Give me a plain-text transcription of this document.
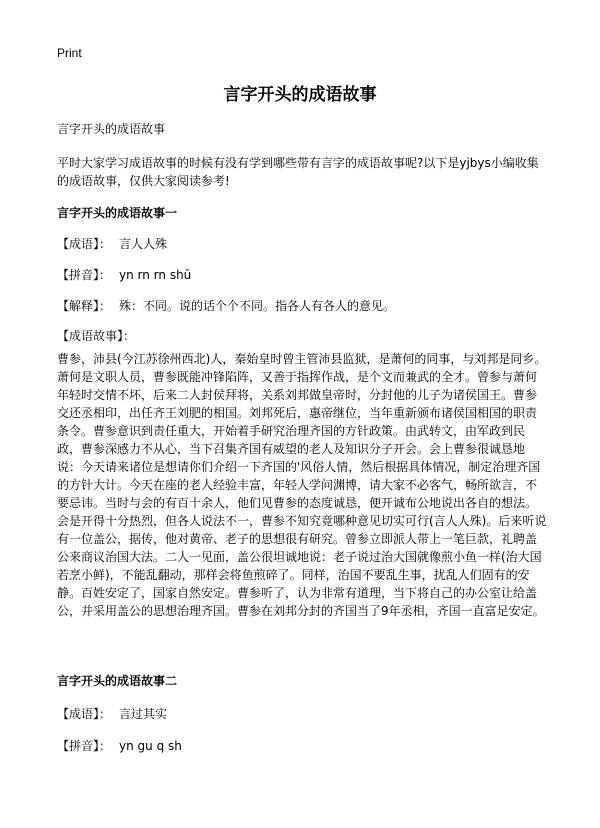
Print
言字开头的成语故事
言字开头的成语故事
平时大家学习成语故事的时候有没有学到哪些带有言字的成语故事呢?以下是yjbys小编收集的成语故事，仅供大家阅读参考!
言字开头的成语故事一
【成语】： 言人人殊
【拼音】： yn rn rn shū
【解释】： 殊：不同。说的话个个不同。指各人有各人的意见。
【成语故事】：
曹参，沛县(今江苏徐州西北)人，秦始皇时曾主管沛县监狱，是萧何的同事，与刘邦是同乡。萧何是文职人员，曹参既能冲锋陷阵，又善于指挥作战，是个文而兼武的全才。曾参与萧何年轻时交情不坏，后来二人封侯拜将，关系刘邦做皇帝时，分封他的儿子为诸侯国王。曹参交还丞相印，出任齐王刘肥的相国。刘邦死后，惠帝继位，当年重新颁布诸侯国相国的职责条令。曹参意识到责任重大，开始着手研究治理齐国的方针政策。由武转文，由军政到民政，曹参深感力不从心，当下召集齐国有威望的老人及知识分子开会。会上曹参很诚恳地说：今天请来诸位是想请你们介绍一下齐国的'风俗人情，然后根据具体情况，制定治理齐国的方针大计。今天在座的老人经验丰富，年轻人学问渊博，请大家不必客气，畅所欲言，不要忌讳。当时与会的有百十余人，他们见曹参的态度诚恳，便开诚布公地说出各自的想法。会是开得十分热烈，但各人说法不一，曹参不知究竟哪种意见切实可行(言人人殊)。后来听说有一位盖公，据传，他对黄帝、老子的思想很有研究。曾参立即派人带上一笔巨款，礼聘盖公来商议治国大法。二人一见面，盖公很坦诚地说：老子说过治大国就像煎小鱼一样(治大国若烹小鲜)，不能乱翻动，那样会将鱼煎碎了。同样，治国不要乱生事，扰乱人们固有的安静。百姓安定了，国家自然安定。曹参听了，认为非常有道理，当下将自己的办公室让给盖公，并采用盖公的思想治理齐国。曹参在刘邦分封的齐国当了9年丞相，齐国一直富足安定。
言字开头的成语故事二
【成语】： 言过其实
【拼音】： yn gu q sh
